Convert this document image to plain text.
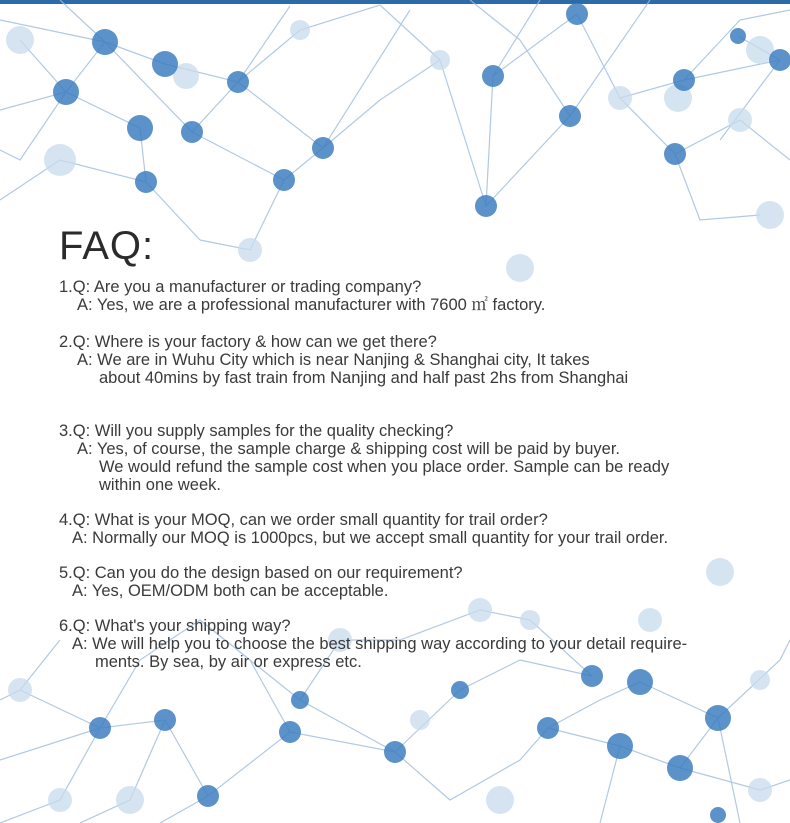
FAQ:
1.Q: Are you a manufacturer or trading company?
A: Yes, we are a professional manufacturer with 7600 ㎡ factory.
2.Q: Where is your factory & how can we get there?
A: We are in Wuhu City which is near Nanjing & Shanghai city, It takes
about 40mins by fast train from Nanjing and half past 2hs from Shanghai
3.Q: Will you supply samples for the quality checking?
A: Yes, of course, the sample charge & shipping cost will be paid by buyer.
We would refund the sample cost when you place order. Sample can be ready
within one week.
4.Q: What is your MOQ, can we order small quantity for trail order?
A: Normally our MOQ is 1000pcs, but we accept small quantity for your trail order.
5.Q: Can you do the design based on our requirement?
A: Yes, OEM/ODM both can be acceptable.
6.Q: What's your shipping way?
A: We will help you to choose the best shipping way according to your detail require-
ments. By sea, by air or express etc.
